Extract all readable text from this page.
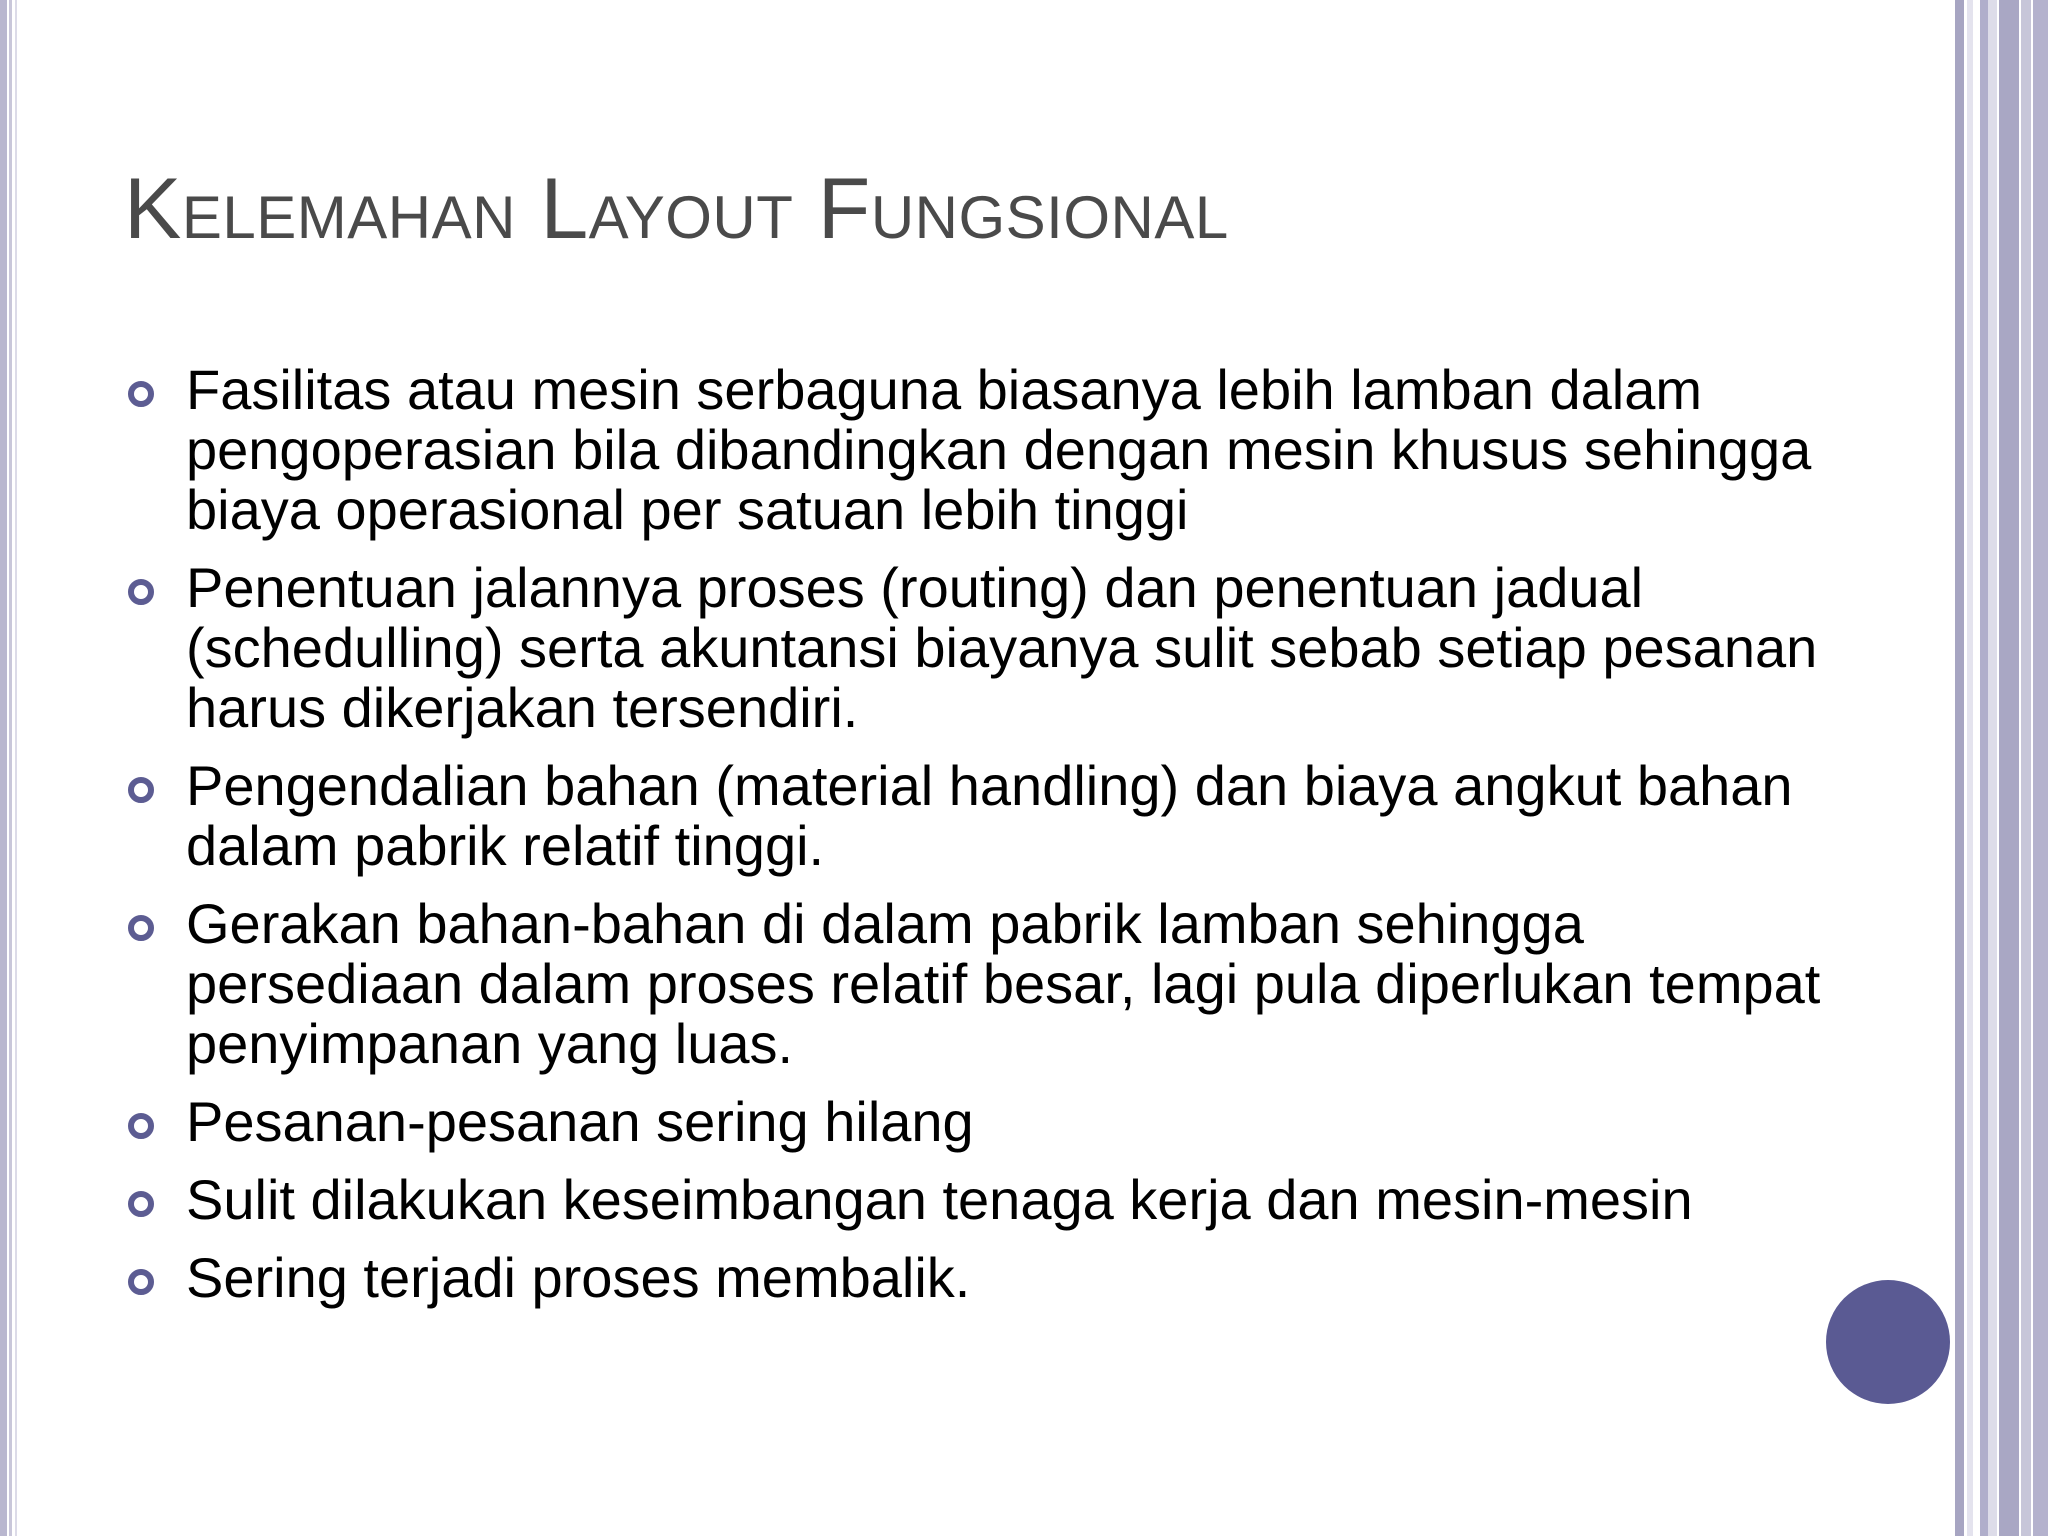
Kelemahan Layout Fungsional
Fasilitas atau mesin serbaguna biasanya lebih lamban dalam pengoperasian bila dibandingkan dengan mesin khusus sehingga biaya operasional per satuan lebih tinggi
Penentuan jalannya proses (routing) dan penentuan jadual (schedulling) serta akuntansi biayanya sulit sebab setiap pesanan harus dikerjakan tersendiri.
Pengendalian bahan (material handling) dan biaya angkut bahan dalam pabrik relatif tinggi.
Gerakan bahan-bahan di dalam pabrik lamban sehingga persediaan dalam proses relatif besar, lagi pula diperlukan tempat penyimpanan yang luas.
Pesanan-pesanan sering hilang
Sulit dilakukan keseimbangan tenaga kerja dan mesin-mesin
Sering terjadi proses membalik.
